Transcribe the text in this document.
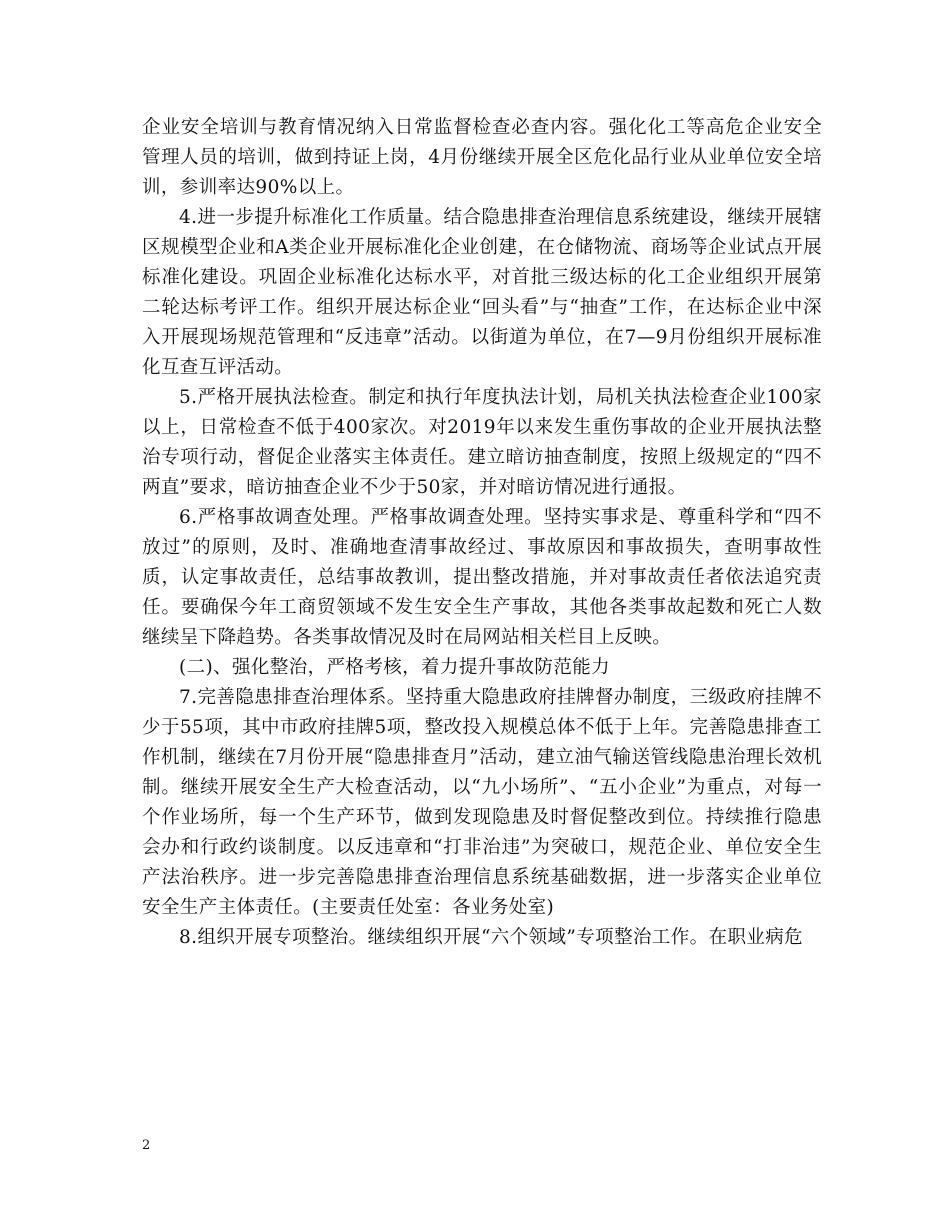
企业安全培训与教育情况纳入日常监督检查必查内容。强化化工等高危企业安全管理人员的培训，做到持证上岗，4月份继续开展全区危化品行业从业单位安全培训，参训率达90%以上。

4.进一步提升标准化工作质量。结合隐患排查治理信息系统建设，继续开展辖区规模型企业和A类企业开展标准化企业创建，在仓储物流、商场等企业试点开展标准化建设。巩固企业标准化达标水平，对首批三级达标的化工企业组织开展第二轮达标考评工作。组织开展达标企业“回头看”与“抽查”工作，在达标企业中深入开展现场规范管理和“反违章”活动。以街道为单位，在7—9月份组织开展标准化互查互评活动。

5.严格开展执法检查。制定和执行年度执法计划，局机关执法检查企业100家以上，日常检查不低于400家次。对2019年以来发生重伤事故的企业开展执法整治专项行动，督促企业落实主体责任。建立暗访抽查制度，按照上级规定的“四不两直”要求，暗访抽查企业不少于50家，并对暗访情况进行通报。

6.严格事故调查处理。严格事故调查处理。坚持实事求是、尊重科学和“四不放过”的原则，及时、准确地查清事故经过、事故原因和事故损失，查明事故性质，认定事故责任，总结事故教训，提出整改措施，并对事故责任者依法追究责任。要确保今年工商贸领域不发生安全生产事故，其他各类事故起数和死亡人数继续呈下降趋势。各类事故情况及时在局网站相关栏目上反映。

(二)、强化整治，严格考核，着力提升事故防范能力

7.完善隐患排查治理体系。坚持重大隐患政府挂牌督办制度，三级政府挂牌不少于55项，其中市政府挂牌5项，整改投入规模总体不低于上年。完善隐患排查工作机制，继续在7月份开展“隐患排查月”活动，建立油气输送管线隐患治理长效机制。继续开展安全生产大检查活动，以“九小场所”、“五小企业”为重点，对每一个作业场所，每一个生产环节，做到发现隐患及时督促整改到位。持续推行隐患会办和行政约谈制度。以反违章和“打非治违”为突破口，规范企业、单位安全生产法治秩序。进一步完善隐患排查治理信息系统基础数据，进一步落实企业单位安全生产主体责任。(主要责任处室：各业务处室)

8.组织开展专项整治。继续组织开展“六个领域”专项整治工作。在职业病危

2
